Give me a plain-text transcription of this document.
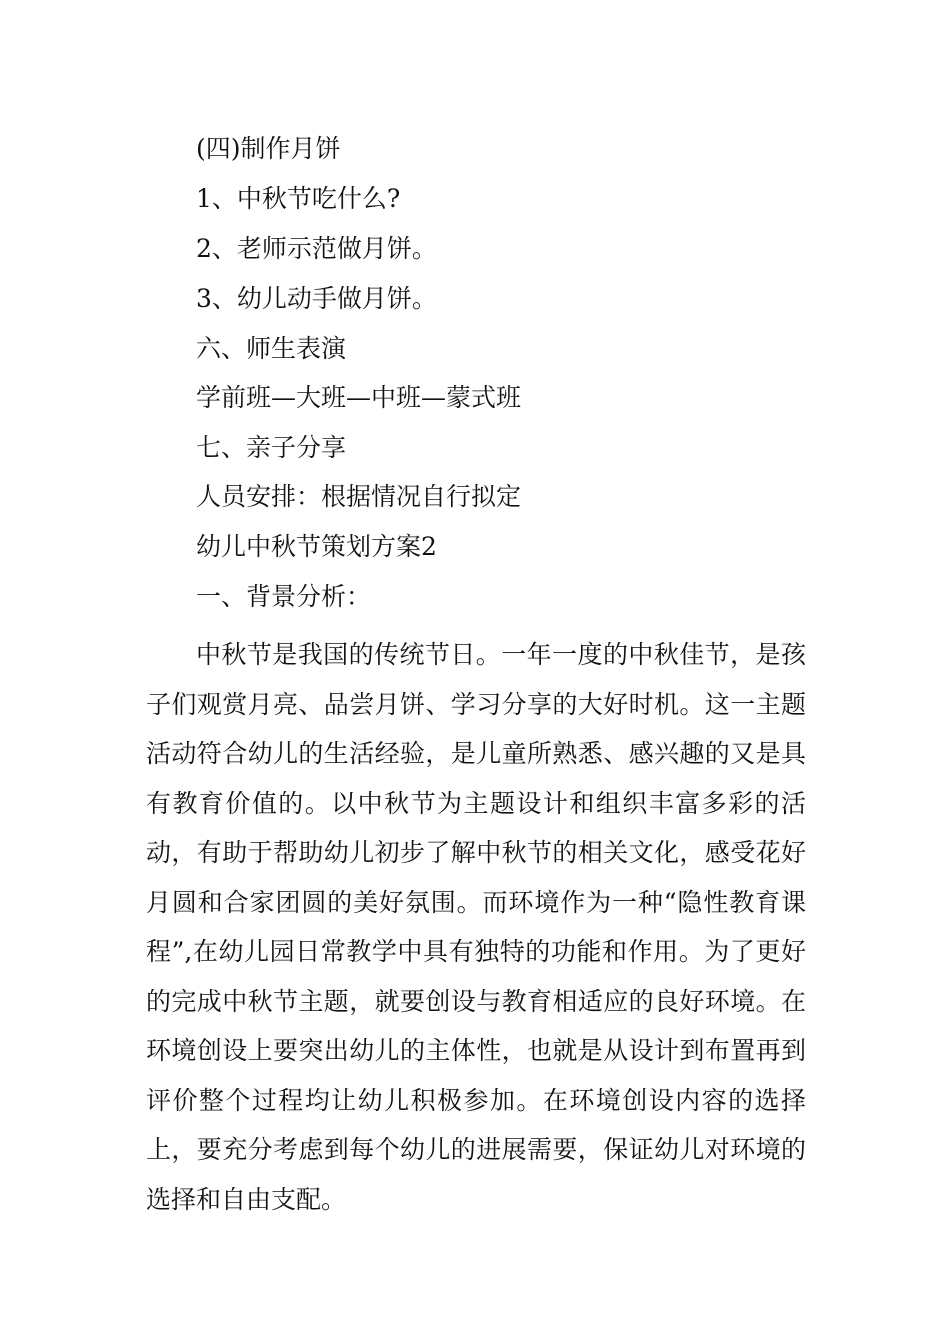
(四)制作月饼
1、中秋节吃什么?
2、老师示范做月饼。
3、幼儿动手做月饼。
六、师生表演
学前班—大班—中班—蒙式班
七、亲子分享
人员安排：根据情况自行拟定
幼儿中秋节策划方案2
一、背景分析：

中秋节是我国的传统节日。一年一度的中秋佳节，是孩子们观赏月亮、品尝月饼、学习分享的大好时机。这一主题活动符合幼儿的生活经验，是儿童所熟悉、感兴趣的又是具有教育价值的。以中秋节为主题设计和组织丰富多彩的活动，有助于帮助幼儿初步了解中秋节的相关文化，感受花好月圆和合家团圆的美好氛围。而环境作为一种“隐性教育课程”,在幼儿园日常教学中具有独特的功能和作用。为了更好的完成中秋节主题，就要创设与教育相适应的良好环境。在环境创设上要突出幼儿的主体性，也就是从设计到布置再到评价整个过程均让幼儿积极参加。在环境创设内容的选择上，要充分考虑到每个幼儿的进展需要，保证幼儿对环境的选择和自由支配。
